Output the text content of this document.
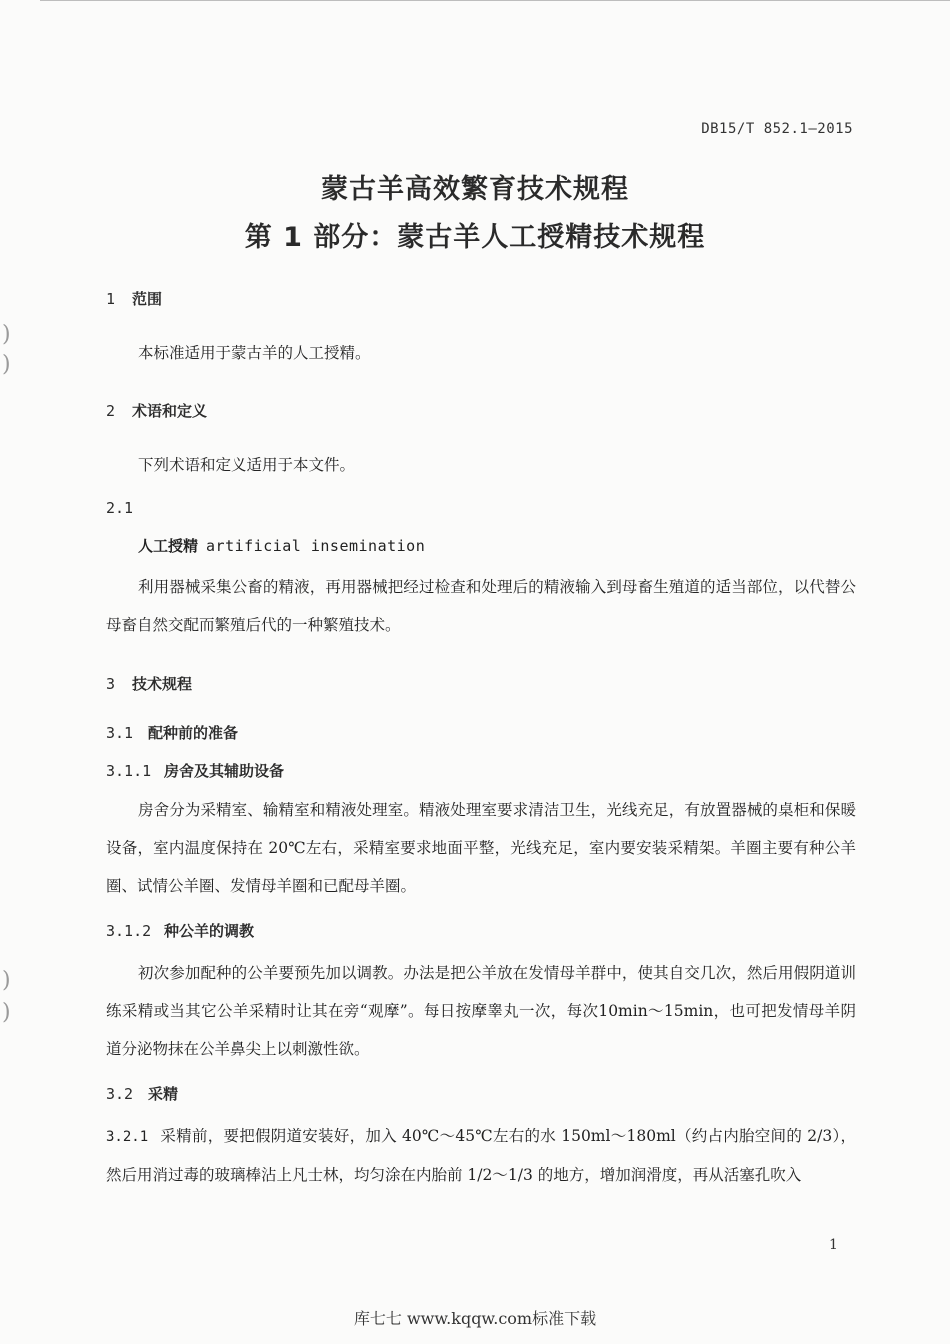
)
)
)
)
DB15/T 852.1—2015
蒙古羊高效繁育技术规程
第 1 部分：蒙古羊人工授精技术规程
1 范围
本标准适用于蒙古羊的人工授精。
2 术语和定义
下列术语和定义适用于本文件。
2.1
人工授精 artificial insemination
利用器械采集公畜的精液，再用器械把经过检查和处理后的精液输入到母畜生殖道的适当部位，以代替公母畜自然交配而繁殖后代的一种繁殖技术。
3 技术规程
3.1 配种前的准备
3.1.1 房舍及其辅助设备
房舍分为采精室、输精室和精液处理室。精液处理室要求清洁卫生，光线充足，有放置器械的桌柜和保暖设备，室内温度保持在 20℃左右，采精室要求地面平整，光线充足，室内要安装采精架。羊圈主要有种公羊圈、试情公羊圈、发情母羊圈和已配母羊圈。
3.1.2 种公羊的调教
初次参加配种的公羊要预先加以调教。办法是把公羊放在发情母羊群中，使其自交几次，然后用假阴道训练采精或当其它公羊采精时让其在旁“观摩”。每日按摩睾丸一次，每次10min～15min，也可把发情母羊阴道分泌物抹在公羊鼻尖上以刺激性欲。
3.2 采精
3.2.1 采精前，要把假阴道安装好，加入 40℃～45℃左右的水 150ml～180ml（约占内胎空间的 2/3），然后用消过毒的玻璃棒沾上凡士林，均匀涂在内胎前 1/2～1/3 的地方，增加润滑度，再从活塞孔吹入
1
库七七 www.kqqw.com标准下载
